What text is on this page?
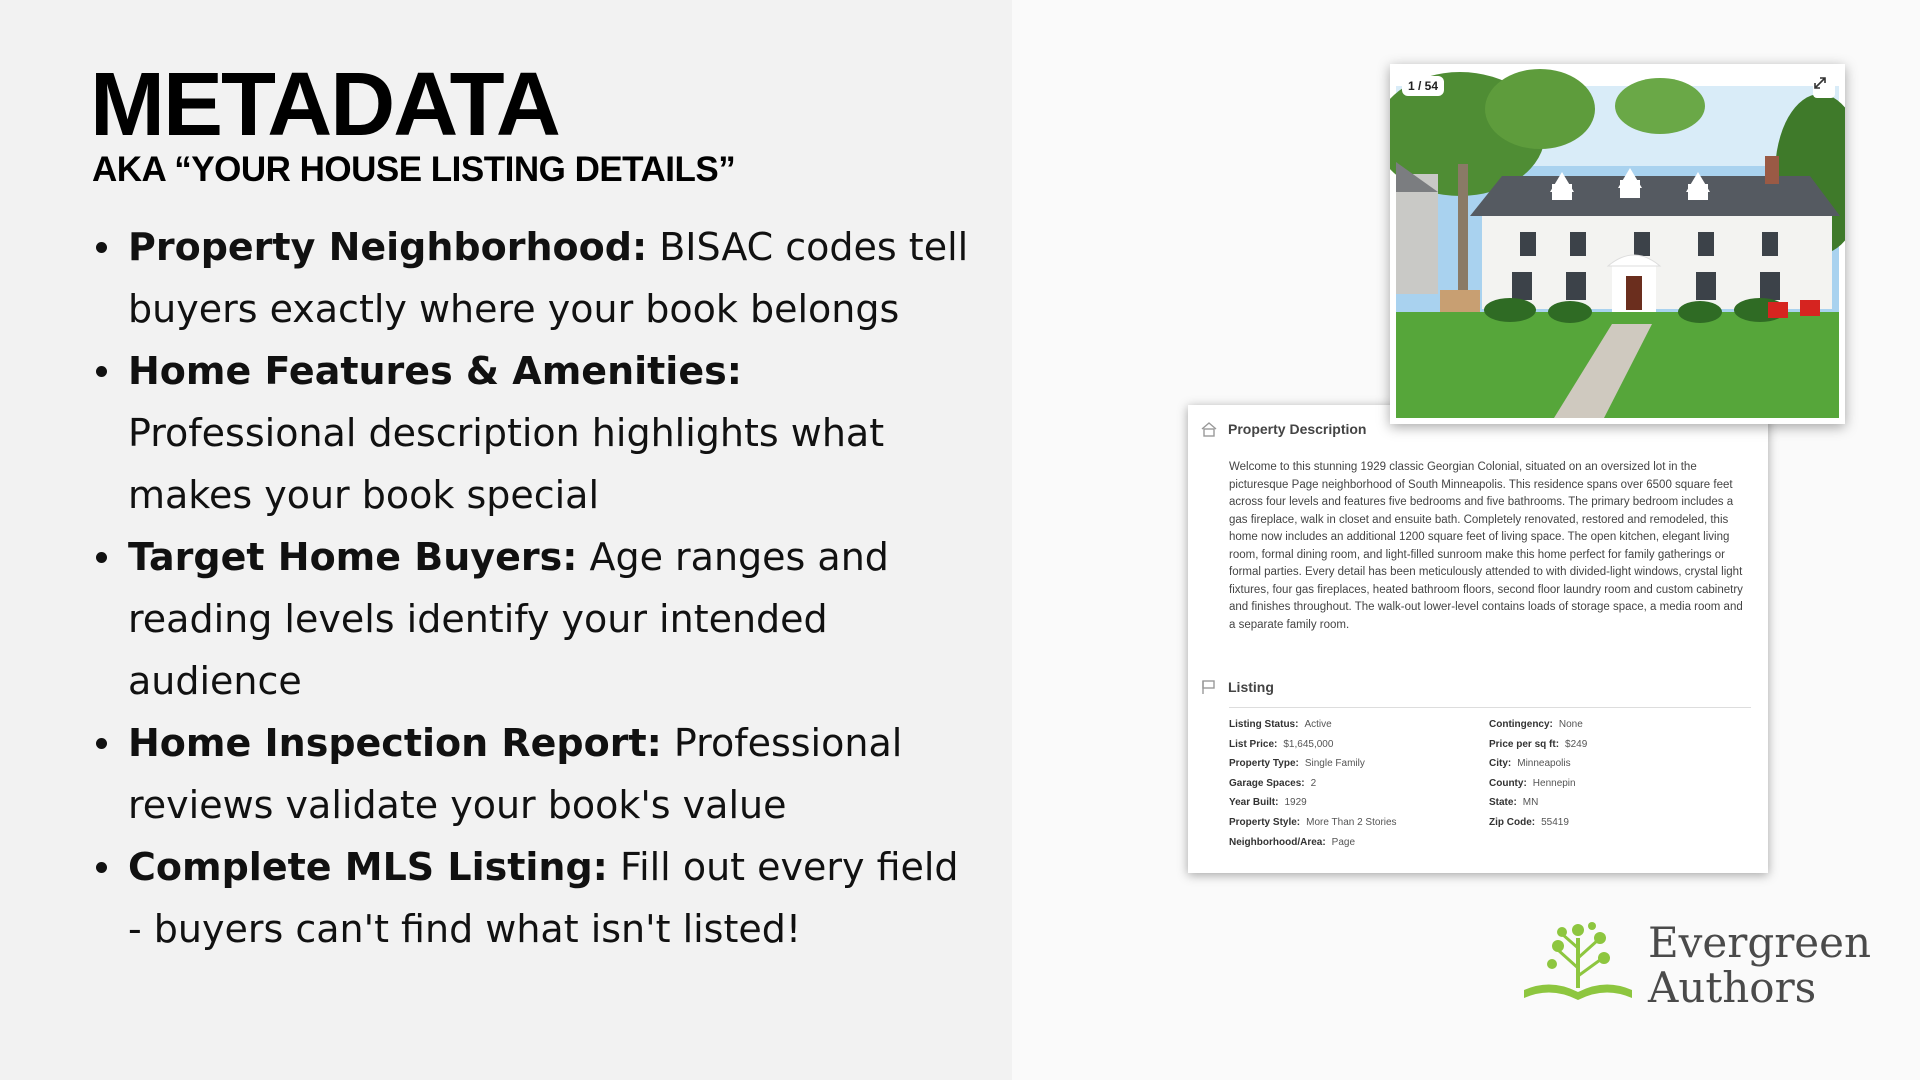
METADATA
AKA “YOUR HOUSE LISTING DETAILS”
Property Neighborhood: BISAC codes tell buyers exactly where your book belongs
Home Features & Amenities: Professional description highlights what makes your book special
Target Home Buyers: Age ranges and reading levels identify your intended audience
Home Inspection Report: Professional reviews validate your book's value
Complete MLS Listing: Fill out every field - buyers can't find what isn't listed!
Property Description

Welcome to this stunning 1929 classic Georgian Colonial, situated on an oversized lot in the picturesque Page neighborhood of South Minneapolis. This residence spans over 6500 square feet across four levels and features five bedrooms and five bathrooms. The primary bedroom includes a gas fireplace, walk in closet and ensuite bath. Completely renovated, restored and remodeled, this home now includes an additional 1200 square feet of living space. The open kitchen, elegant living room, formal dining room, and light-filled sunroom make this home perfect for family gatherings or formal parties. Every detail has been meticulously attended to with divided-light windows, crystal light fixtures, four gas fireplaces, heated bathroom floors, second floor laundry room and custom cabinetry and finishes throughout. The walk-out lower-level contains loads of storage space, a media room and a separate family room.

Listing
Listing Status: Active
List Price: $1,645,000
Property Type: Single Family
Garage Spaces: 2
Year Built: 1929
Property Style: More Than 2 Stories
Neighborhood/Area: Page
Contingency: None
Price per sq ft: $249
City: Minneapolis
County: Hennepin
State: MN
Zip Code: 55419
1 / 54
Evergreen
Authors
